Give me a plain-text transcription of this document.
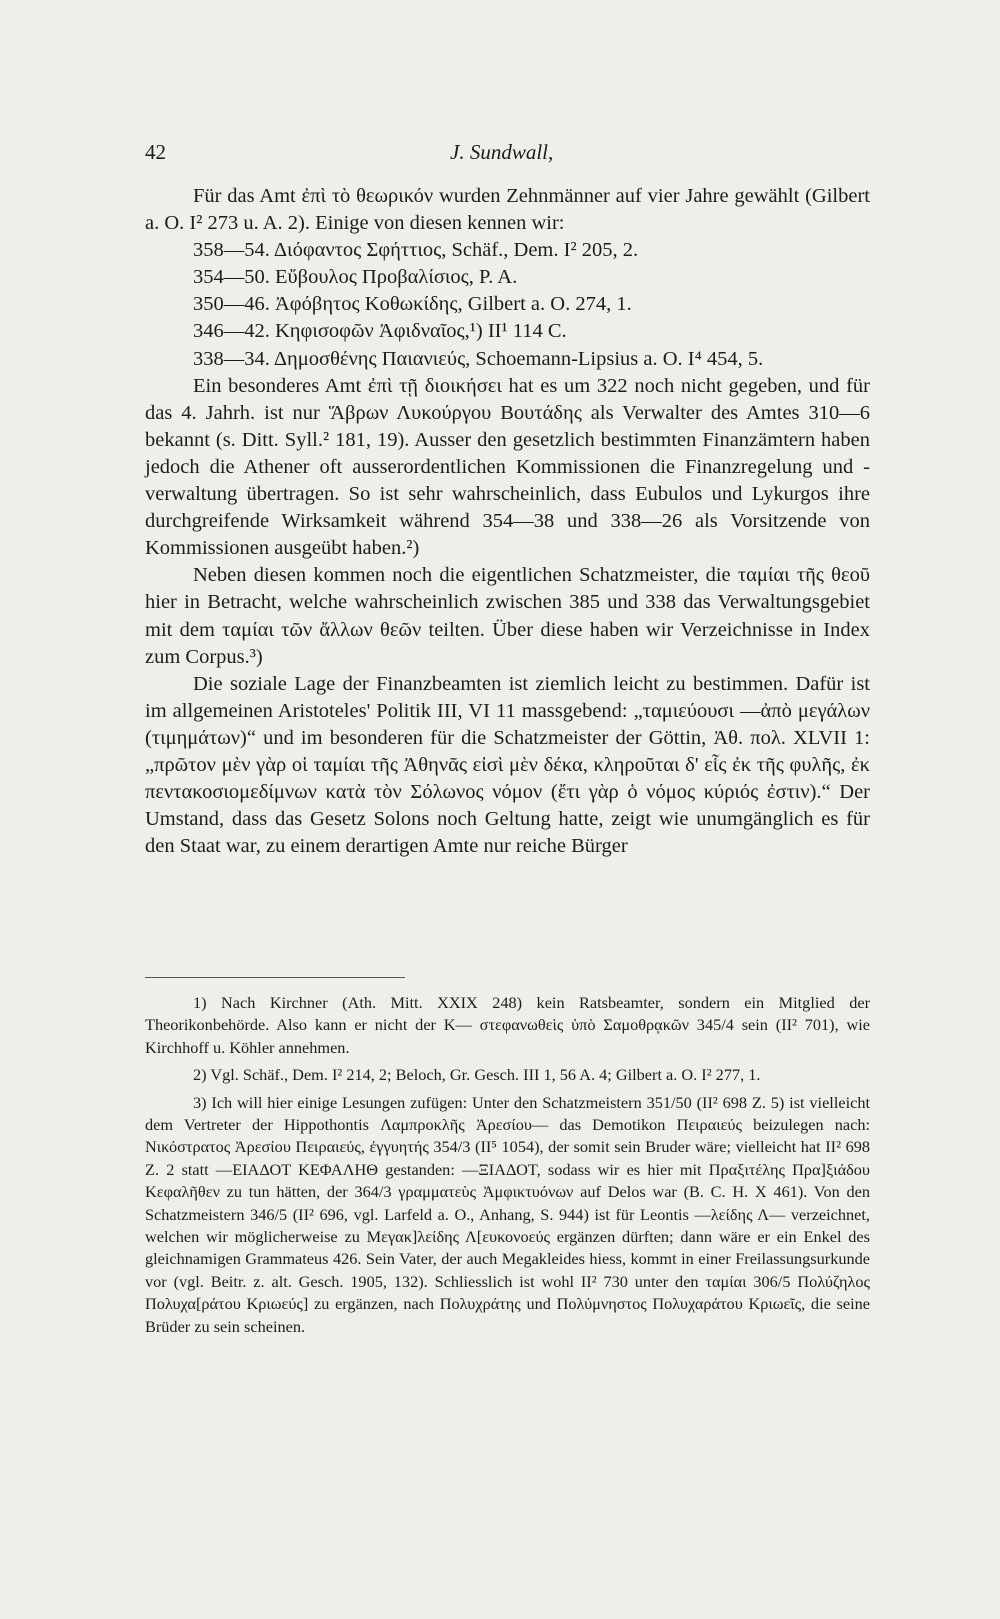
42	J. Sundwall,

Für das Amt ἐπὶ τὸ θεωρικόν wurden Zehnmänner auf vier Jahre gewählt (Gilbert a. O. I² 273 u. A. 2). Einige von diesen kennen wir:

358—54. Διόφαντος Σφήττιος, Schäf., Dem. I² 205, 2.

354—50. Εὔβουλος Προβαλίσιος, P. A.

350—46. Ἀφόβητος Κοθωκίδης, Gilbert a. O. 274, 1.

346—42. Κηφισοφῶν Ἀφιδναῖος,¹) II¹ 114 C.

338—34. Δημοσθένης Παιανιεύς, Schoemann-Lipsius a. O. I⁴ 454, 5.

Ein besonderes Amt ἐπὶ τῇ διοικήσει hat es um 322 noch nicht gegeben, und für das 4. Jahrh. ist nur Ἅβρων Λυκούργου Βουτάδης als Verwalter des Amtes 310—6 bekannt (s. Ditt. Syll.² 181, 19). Ausser den gesetzlich bestimmten Finanzämtern haben jedoch die Athener oft ausserordentlichen Kommissionen die Finanzregelung und -verwaltung übertragen. So ist sehr wahrscheinlich, dass Eubulos und Lykurgos ihre durchgreifende Wirksamkeit während 354—38 und 338—26 als Vorsitzende von Kommissionen ausgeübt haben.²)

Neben diesen kommen noch die eigentlichen Schatzmeister, die ταμίαι τῆς θεοῦ hier in Betracht, welche wahrscheinlich zwischen 385 und 338 das Verwaltungsgebiet mit dem ταμίαι τῶν ἄλλων θεῶν teilten. Über diese haben wir Verzeichnisse in Index zum Corpus.³)

Die soziale Lage der Finanzbeamten ist ziemlich leicht zu bestimmen. Dafür ist im allgemeinen Aristoteles' Politik III, VI 11 massgebend: „ταμιεύουσι —ἀπὸ μεγάλων (τιμημάτων)“ und im besonderen für die Schatzmeister der Göttin, Ἀθ. πολ. XLVII 1: „πρῶτον μὲν γὰρ οἱ ταμίαι τῆς Ἀθηνᾶς εἰσὶ μὲν δέκα, κληροῦται δ' εἷς ἐκ τῆς φυλῆς, ἐκ πεντακοσιομεδίμνων κατὰ τὸν Σόλωνος νόμον (ἔτι γὰρ ὁ νόμος κύριός ἐστιν).“ Der Umstand, dass das Gesetz Solons noch Geltung hatte, zeigt wie unumgänglich es für den Staat war, zu einem derartigen Amte nur reiche Bürger

1) Nach Kirchner (Ath. Mitt. XXIX 248) kein Ratsbeamter, sondern ein Mitglied der Theorikonbehörde. Also kann er nicht der K— στεφανωθεὶς ὑπὸ Σαμοθρᾳκῶν 345/4 sein (II² 701), wie Kirchhoff u. Köhler annehmen.

2) Vgl. Schäf., Dem. I² 214, 2; Beloch, Gr. Gesch. III 1, 56 A. 4; Gilbert a. O. I² 277, 1.

3) Ich will hier einige Lesungen zufügen: Unter den Schatzmeistern 351/50 (II² 698 Z. 5) ist vielleicht dem Vertreter der Hippothontis Λαμπροκλῆς Ἀρεσίου— das Demotikon Πειραιεύς beizulegen nach: Νικόστρατος Ἀρεσίου Πειραιεύς, ἐγγυητής 354/3 (II⁵ 1054), der somit sein Bruder wäre; vielleicht hat II² 698 Z. 2 statt —ΕΙΑΔΟΤ ΚΕΦΑΛΗΘ gestanden: —ΞΙΑΔΟΤ, sodass wir es hier mit Πραξιτέλης Πρα]ξιάδου Κεφαλῆθεν zu tun hätten, der 364/3 γραμματεὺς Ἀμφικτυόνων auf Delos war (B. C. H. X 461). Von den Schatzmeistern 346/5 (II² 696, vgl. Larfeld a. O., Anhang, S. 944) ist für Leontis —λείδης Λ— verzeichnet, welchen wir möglicherweise zu Μεγακ]λείδης Λ[ευκονοεύς ergänzen dürften; dann wäre er ein Enkel des gleichnamigen Grammateus 426. Sein Vater, der auch Megakleides hiess, kommt in einer Freilassungsurkunde vor (vgl. Beitr. z. alt. Gesch. 1905, 132). Schliesslich ist wohl II² 730 unter den ταμίαι 306/5 Πολύζηλος Πολυχα[ράτου Κριωεύς] zu ergänzen, nach Πολυχράτης und Πολύμνηστος Πολυχαράτου Κριωεῖς, die seine Brüder zu sein scheinen.
